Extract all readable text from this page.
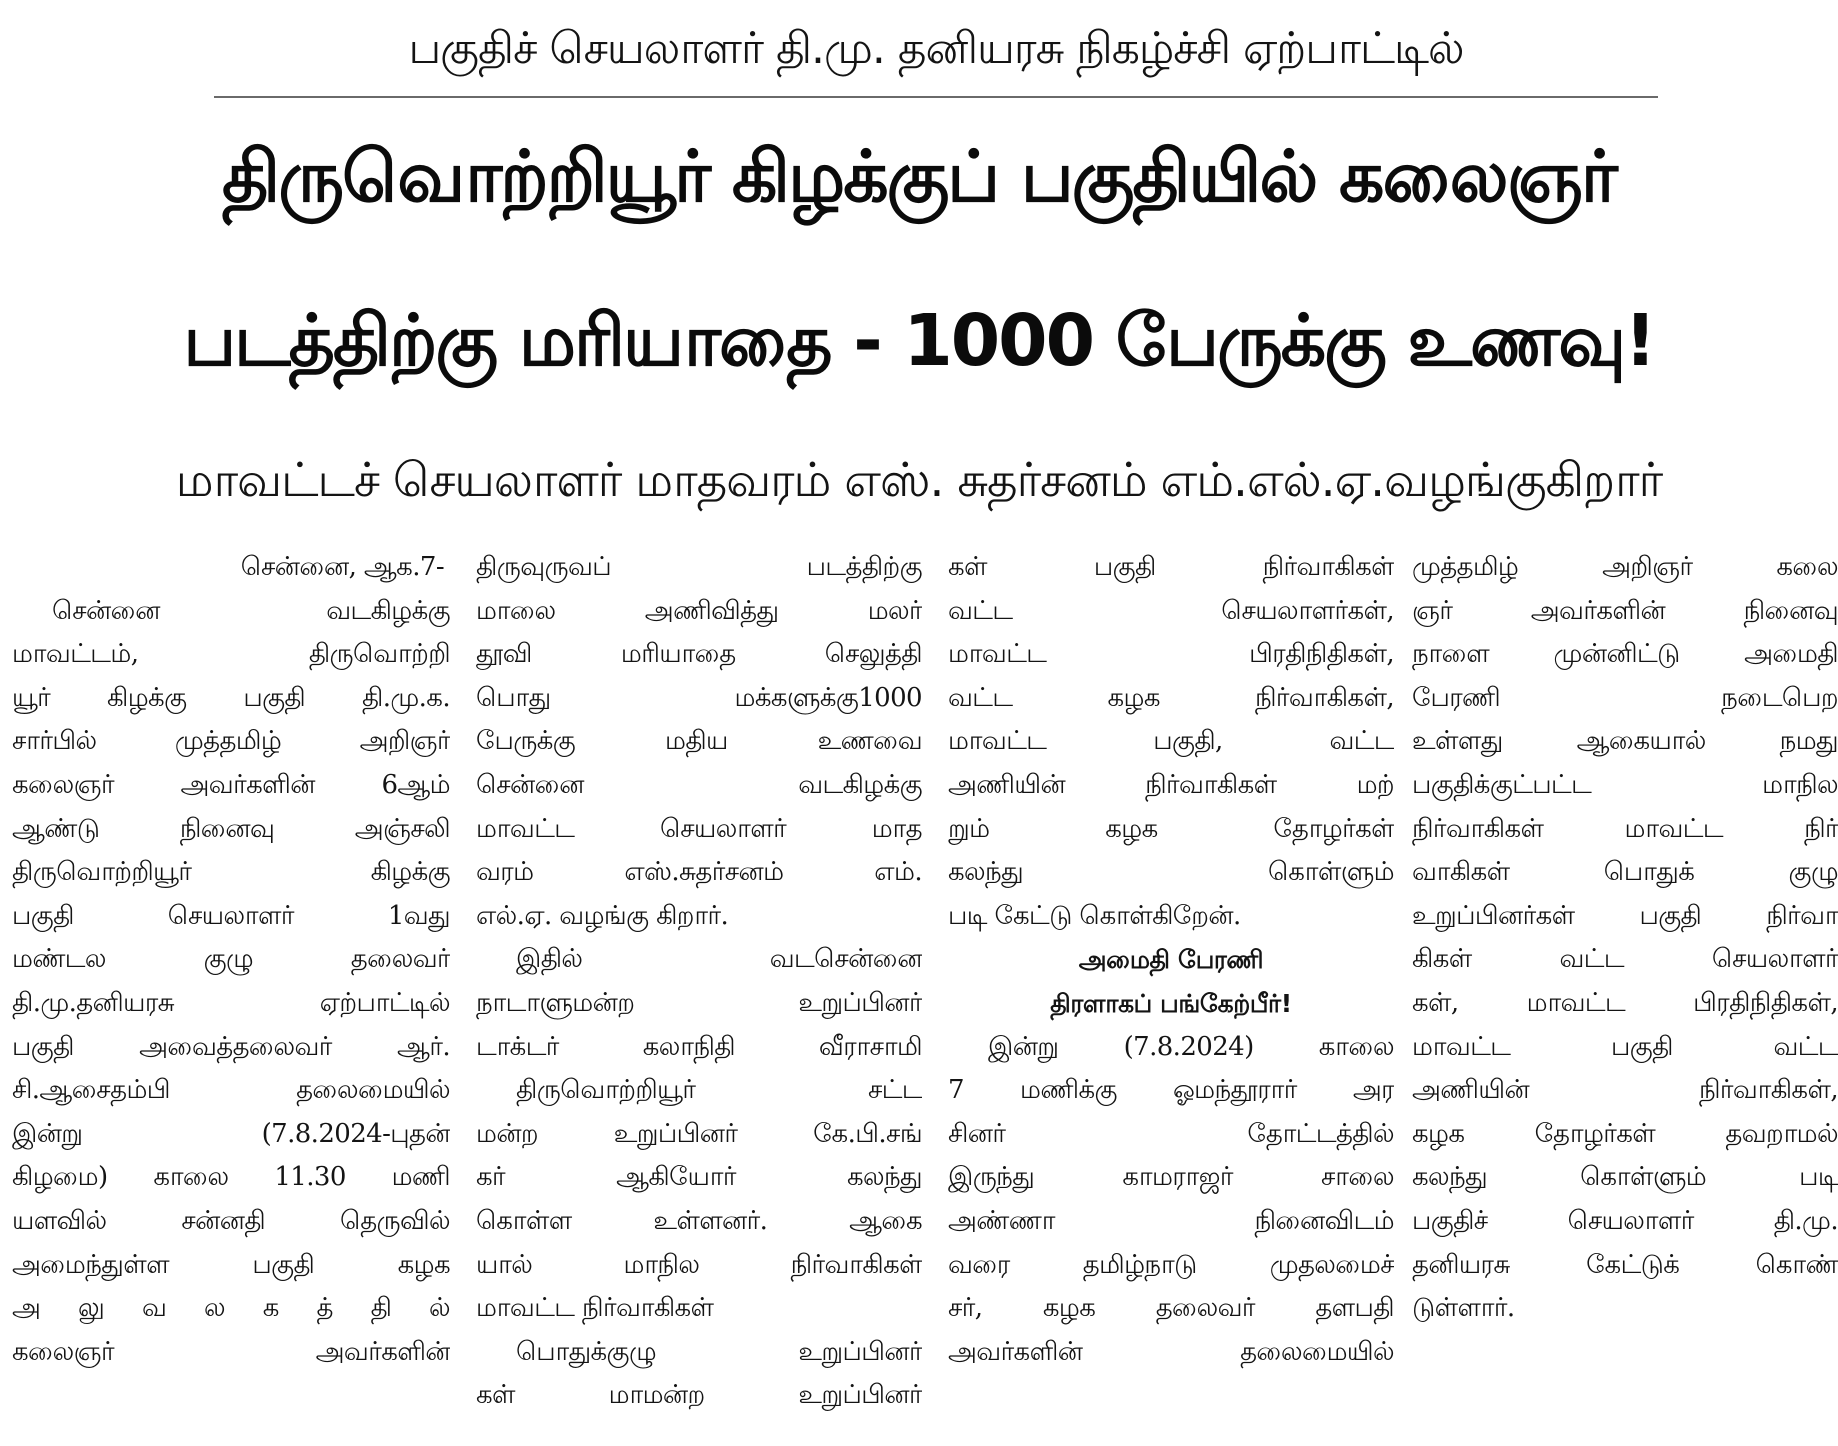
பகுதிச் செயலாளர் தி.மு. தனியரசு நிகழ்ச்சி ஏற்பாட்டில்
திருவொற்றியூர் கிழக்குப் பகுதியில் கலைஞர்
படத்திற்கு மரியாதை - 1000 பேருக்கு உணவு!
மாவட்டச் செயலாளர் மாதவரம் எஸ். சுதர்சனம் எம்.எல்.ஏ.வழங்குகிறார்
சென்னை, ஆக.7-
சென்னை வடகிழக்கு
மாவட்டம், திருவொற்றி
யூர் கிழக்கு பகுதி தி.மு.க.
சார்பில் முத்தமிழ் அறிஞர்
கலைஞர் அவர்களின் 6ஆம்
ஆண்டு நினைவு அஞ்சலி
திருவொற்றியூர் கிழக்கு
பகுதி செயலாளர் 1வது
மண்டல குழு தலைவர்
தி.மு.தனியரசு ஏற்பாட்டில்
பகுதி அவைத்தலைவர் ஆர்.
சி.ஆசைதம்பி தலைமையில்
இன்று (7.8.2024-புதன்
கிழமை) காலை 11.30 மணி
யளவில் சன்னதி தெருவில்
அமைந்துள்ள பகுதி கழக
அ லு வ ல க த் தி ல்
கலைஞர் அவர்களின்
திருவுருவப் படத்திற்கு
மாலை அணிவித்து மலர்
தூவி மரியாதை செலுத்தி
பொது மக்களுக்கு1000
பேருக்கு மதிய உணவை
சென்னை வடகிழக்கு
மாவட்ட செயலாளர் மாத
வரம் எஸ்.சுதர்சனம் எம்.
எல்.ஏ. வழங்கு கிறார்.
இதில் வடசென்னை
நாடாளுமன்ற உறுப்பினர்
டாக்டர் கலாநிதி வீராசாமி
திருவொற்றியூர் சட்ட
மன்ற உறுப்பினர் கே.பி.சங்
கர் ஆகியோர் கலந்து
கொள்ள உள்ளனர். ஆகை
யால் மாநில நிர்வாகிகள்
மாவட்ட நிர்வாகிகள்
பொதுக்குழு உறுப்பினர்
கள் மாமன்ற உறுப்பினர்
கள் பகுதி நிர்வாகிகள்
வட்ட செயலாளர்கள்,
மாவட்ட பிரதிநிதிகள்,
வட்ட கழக நிர்வாகிகள்,
மாவட்ட பகுதி, வட்ட
அணியின் நிர்வாகிகள் மற்
றும் கழக தோழர்கள்
கலந்து கொள்ளும்
படி கேட்டு கொள்கிறேன்.
அமைதி பேரணி
திரளாகப் பங்கேற்பீர்!
இன்று (7.8.2024) காலை
7 மணிக்கு ஓமந்தூரார் அர
சினர் தோட்டத்தில்
இருந்து காமராஜர் சாலை
அண்ணா நினைவிடம்
வரை தமிழ்நாடு முதலமைச்
சர், கழக தலைவர் தளபதி
அவர்களின் தலைமையில்
முத்தமிழ் அறிஞர் கலை
ஞர் அவர்களின் நினைவு
நாளை முன்னிட்டு அமைதி
பேரணி நடைபெற
உள்ளது ஆகையால் நமது
பகுதிக்குட்பட்ட மாநில
நிர்வாகிகள் மாவட்ட நிர்
வாகிகள் பொதுக் குழு
உறுப்பினர்கள் பகுதி நிர்வா
கிகள் வட்ட செயலாளர்
கள், மாவட்ட பிரதிநிதிகள்,
மாவட்ட பகுதி வட்ட
அணியின் நிர்வாகிகள்,
கழக தோழர்கள் தவறாமல்
கலந்து கொள்ளும் படி
பகுதிச் செயலாளர் தி.மு.
தனியரசு கேட்டுக் கொண்
டுள்ளார்.
